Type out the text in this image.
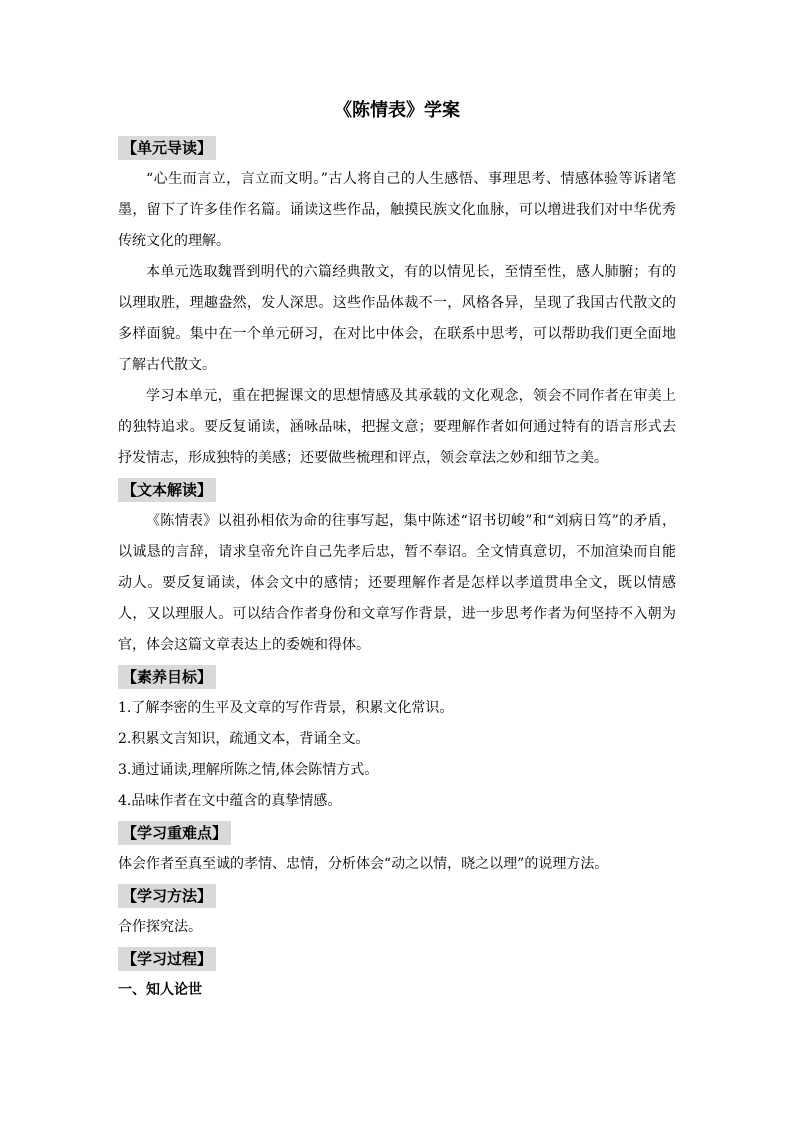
《陈情表》学案
【单元导读】

“心生而言立，言立而文明。”古人将自己的人生感悟、事理思考、情感体验等诉诸笔墨，留下了许多佳作名篇。诵读这些作品，触摸民族文化血脉，可以增进我们对中华优秀传统文化的理解。

本单元选取魏晋到明代的六篇经典散文，有的以情见长，至情至性，感人肺腑；有的以理取胜，理趣盎然，发人深思。这些作品体裁不一，风格各异，呈现了我国古代散文的多样面貌。集中在一个单元研习，在对比中体会，在联系中思考，可以帮助我们更全面地了解古代散文。

学习本单元，重在把握课文的思想情感及其承载的文化观念，领会不同作者在审美上的独特追求。要反复诵读，涵咏品味，把握文意；要理解作者如何通过特有的语言形式去抒发情志，形成独特的美感；还要做些梳理和评点，领会章法之妙和细节之美。

【文本解读】

《陈情表》以祖孙相依为命的往事写起，集中陈述“诏书切峻”和“刘病日笃”的矛盾，以诚恳的言辞，请求皇帝允许自己先孝后忠，暂不奉诏。全文情真意切，不加渲染而自能动人。要反复诵读，体会文中的感情；还要理解作者是怎样以孝道贯串全文，既以情感人，又以理服人。可以结合作者身份和文章写作背景，进一步思考作者为何坚持不入朝为官，体会这篇文章表达上的委婉和得体。

【素养目标】

1.了解李密的生平及文章的写作背景，积累文化常识。

2.积累文言知识，疏通文本，背诵全文。

3.通过诵读,理解所陈之情,体会陈情方式。

4.品味作者在文中蕴含的真挚情感。

【学习重难点】

体会作者至真至诚的孝情、忠情，分析体会“动之以情，晓之以理”的说理方法。

【学习方法】

合作探究法。

【学习过程】

一、知人论世
